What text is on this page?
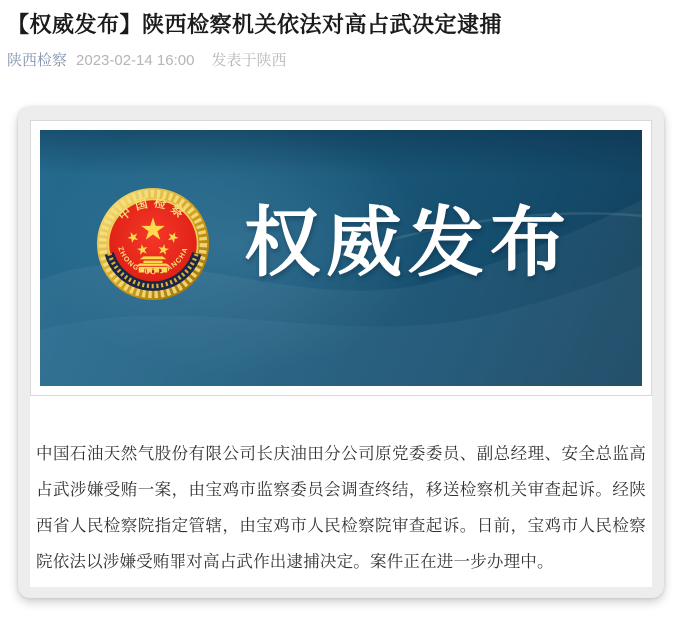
【权威发布】陕西检察机关依法对高占武决定逮捕
陕西检察 2023-02-14 16:00 发表于陕西
中国检察
ZHONGGUO JIANCHA 权威发布

中国石油天然气股份有限公司长庆油田分公司原党委委员、副总经理、安全总监高占武涉嫌受贿一案，由宝鸡市监察委员会调查终结，移送检察机关审查起诉。经陕西省人民检察院指定管辖，由宝鸡市人民检察院审查起诉。日前，宝鸡市人民检察院依法以涉嫌受贿罪对高占武作出逮捕决定。案件正在进一步办理中。
